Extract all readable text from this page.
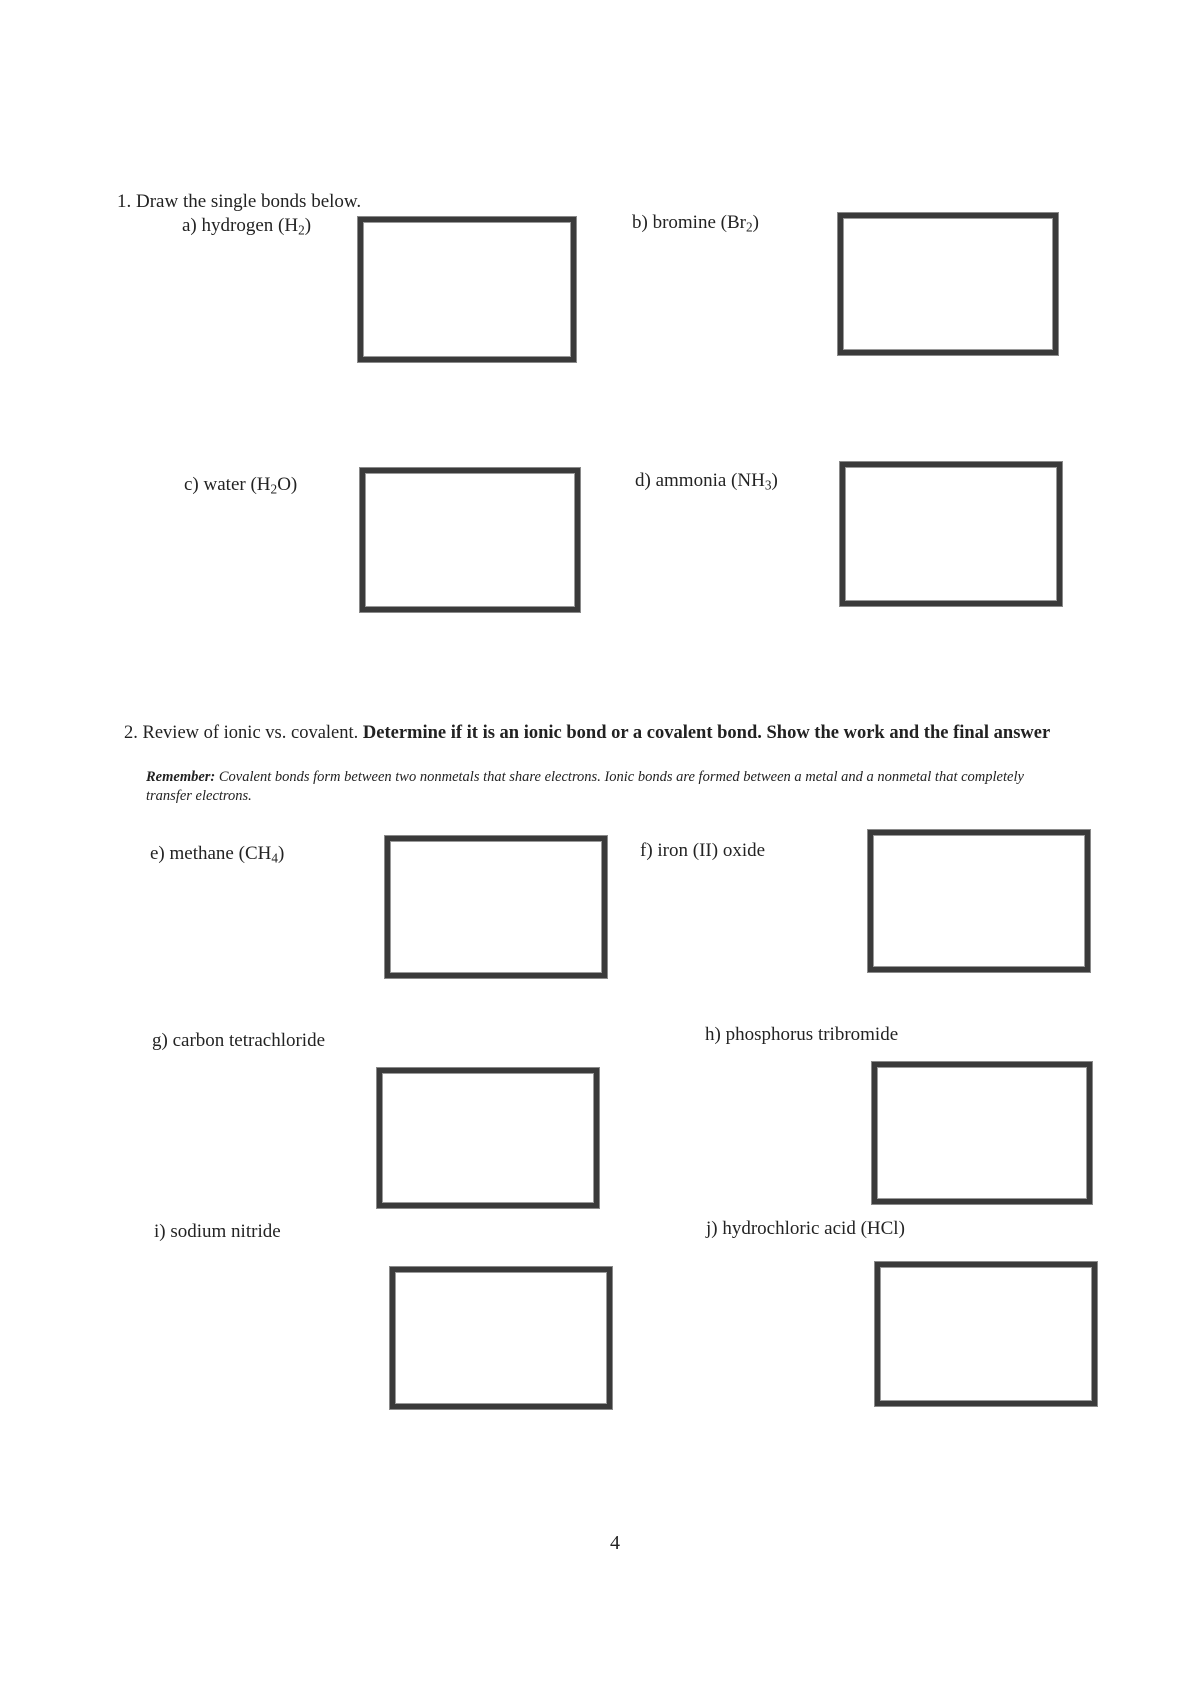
1. Draw the single bonds below.
a) hydrogen $(H_2)$	b) bromine $(Br_2)$
c) water $(H_2O)$	d) ammonia $(NH_3)$
2. Review of ionic vs. covalent. Determine if it is an ionic bond or a covalent bond. Show the work and the final answer
Remember: Covalent bonds form between two nonmetals that share electrons. Ionic bonds are formed between a metal and a nonmetal that completely transfer electrons.
e) methane $(CH_4)$	f) iron (II) oxide
g) carbon tetrachloride	h) phosphorus tribromide
i) sodium nitride	j) hydrochloric acid (HCl)
4
